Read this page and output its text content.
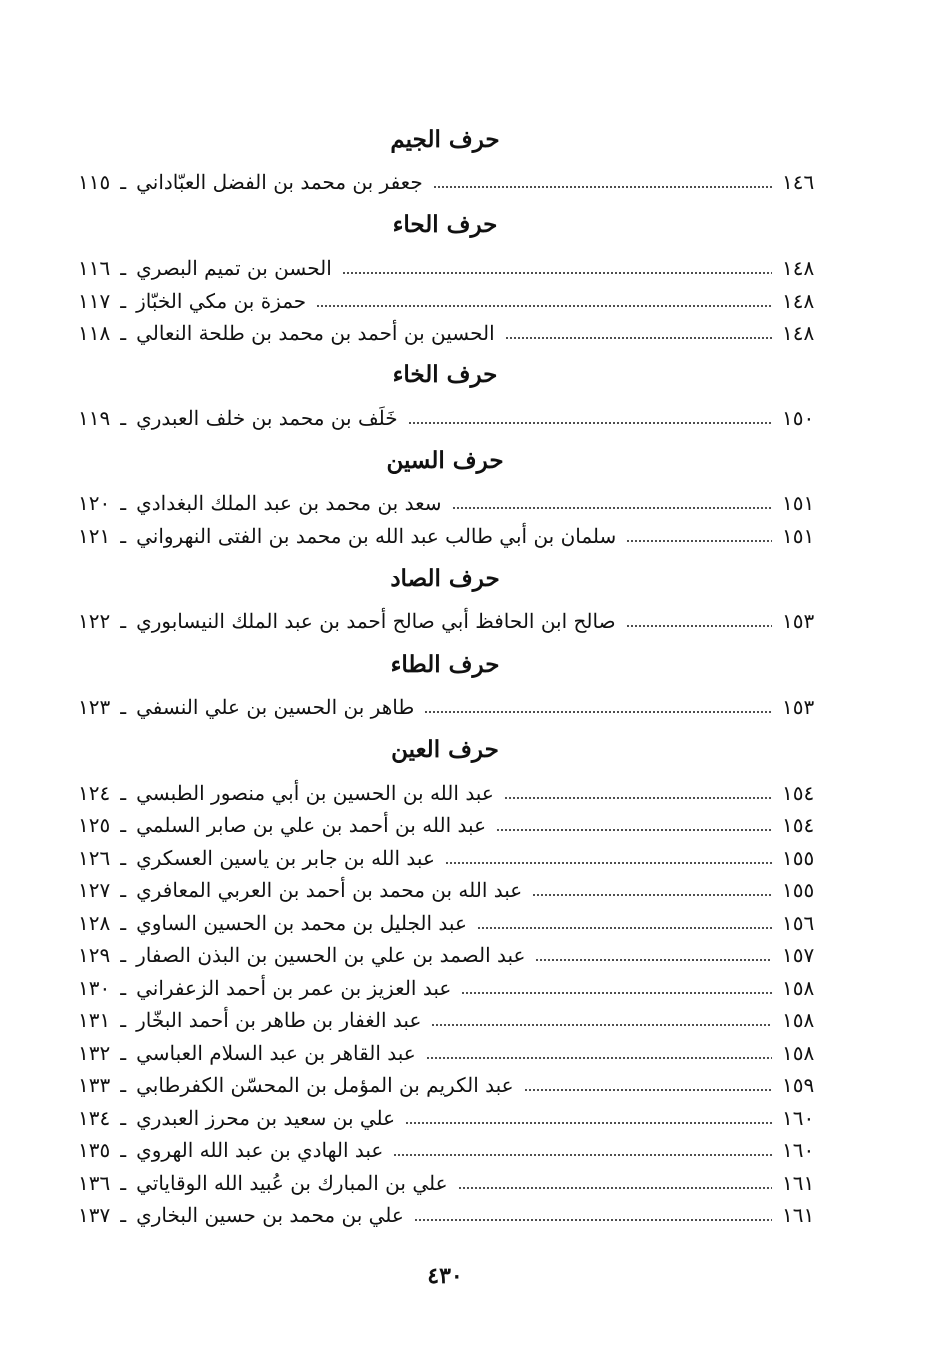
حرف الجيم
١١٥ ـ جعفر بن محمد بن الفضل العبّاداني	١٤٦
حرف الحاء
١١٦ ـ الحسن بن تميم البصري	١٤٨
١١٧ ـ حمزة بن مكي الخبّاز	١٤٨
١١٨ ـ الحسين بن أحمد بن محمد بن طلحة النعالي	١٤٨
حرف الخاء
١١٩ ـ خَلَف بن محمد بن خلف العبدري	١٥٠
حرف السين
١٢٠ ـ سعد بن محمد بن عبد الملك البغدادي	١٥١
١٢١ ـ سلمان بن أبي طالب عبد الله بن محمد بن الفتى النهرواني	١٥١
حرف الصاد
١٢٢ ـ صالح ابن الحافظ أبي صالح أحمد بن عبد الملك النيسابوري	١٥٣
حرف الطاء
١٢٣ ـ طاهر بن الحسين بن علي النسفي	١٥٣
حرف العين
١٢٤ ـ عبد الله بن الحسين بن أبي منصور الطبسي	١٥٤
١٢٥ ـ عبد الله بن أحمد بن علي بن صابر السلمي	١٥٤
١٢٦ ـ عبد الله بن جابر بن ياسين العسكري	١٥٥
١٢٧ ـ عبد الله بن محمد بن أحمد بن العربي المعافري	١٥٥
١٢٨ ـ عبد الجليل بن محمد بن الحسين الساوي	١٥٦
١٢٩ ـ عبد الصمد بن علي بن الحسين بن البذن الصفار	١٥٧
١٣٠ ـ عبد العزيز بن عمر بن أحمد الزعفراني	١٥٨
١٣١ ـ عبد الغفار بن طاهر بن أحمد البخّار	١٥٨
١٣٢ ـ عبد القاهر بن عبد السلام العباسي	١٥٨
١٣٣ ـ عبد الكريم بن المؤمل بن المحسّن الكفرطابي	١٥٩
١٣٤ ـ علي بن سعيد بن محرز العبدري	١٦٠
١٣٥ ـ عبد الهادي بن عبد الله الهروي	١٦٠
١٣٦ ـ علي بن المبارك بن عُبيد الله الوقاياتي	١٦١
١٣٧ ـ علي بن محمد بن حسين البخاري	١٦١
٤٣٠
